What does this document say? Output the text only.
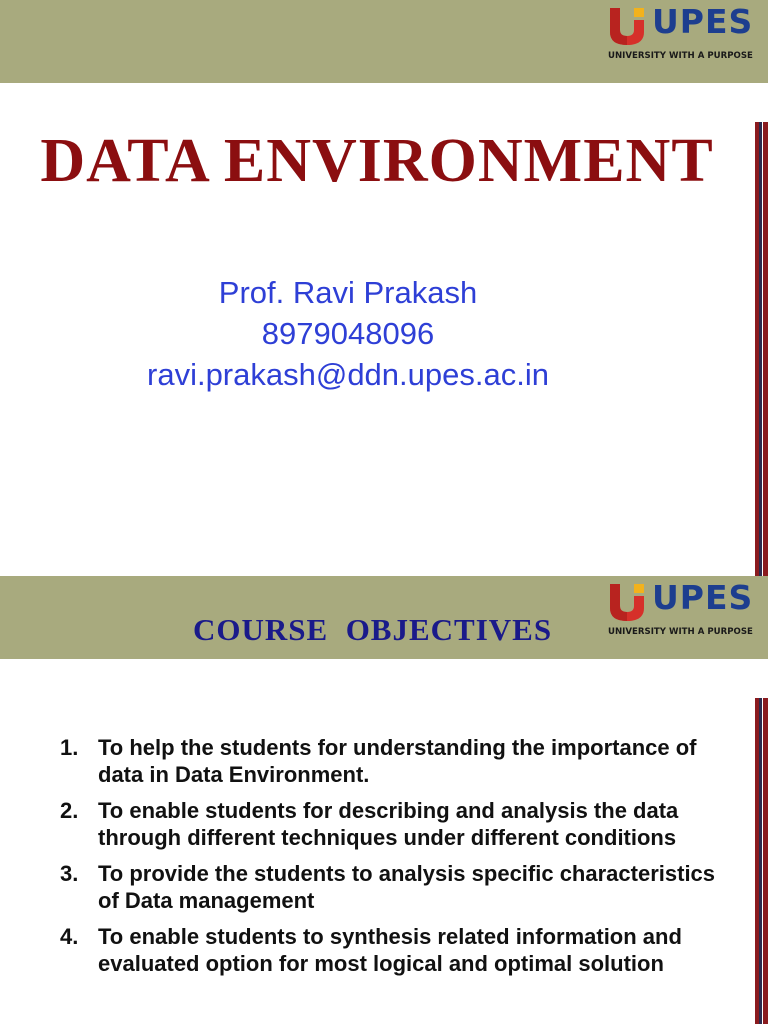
UPES
UNIVERSITY WITH A PURPOSE
DATA ENVIRONMENT
Prof. Ravi Prakash
8979048096
ravi.prakash@ddn.upes.ac.in
COURSE  OBJECTIVES
UPES
UNIVERSITY WITH A PURPOSE
1. To help the students for understanding the importance of data in Data Environment.
2. To enable students for describing and analysis the data through different techniques under different conditions
3. To provide the students to analysis specific characteristics of Data management
4. To enable students to synthesis related information and evaluated option for most logical and optimal solution
